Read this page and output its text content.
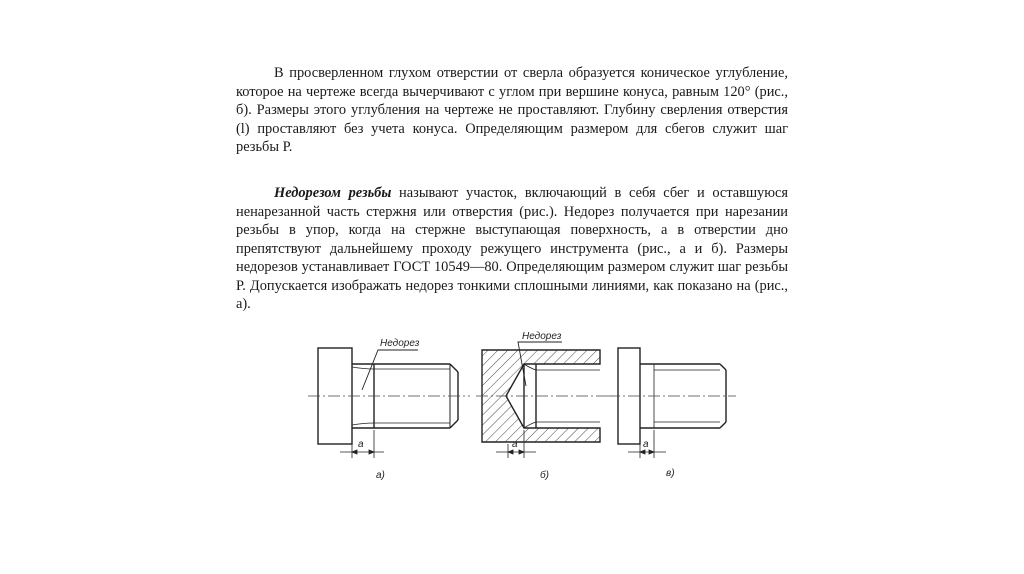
В просверленном глухом отверстии от сверла образуется коническое углубление, которое на чертеже всегда вычерчивают с углом при вершине конуса, равным 120° (рис., б). Размеры этого углубления на чертеже не проставляют. Глубину сверления отверстия (l) проставляют без учета конуса. Определяющим размером для сбегов служит шаг резьбы Р.

Недорезом резьбы называют участок, включающий в себя сбег и оставшуюся ненарезанной часть стержня или отверстия (рис.). Недорез получается при нарезании резьбы в упор, когда на стержне выступающая поверхность, а в отверстии дно препятствуют дальнейшему проходу режущего инструмента (рис., а и б). Размеры недорезов устанавливает ГОСТ 10549—80. Определяющим размером служит шаг резьбы Р. Допускается изображать недорез тонкими сплошными линиями, как показано на (рис., а).

Недорез
a
а)
Недорез
a
б)
a
в)
